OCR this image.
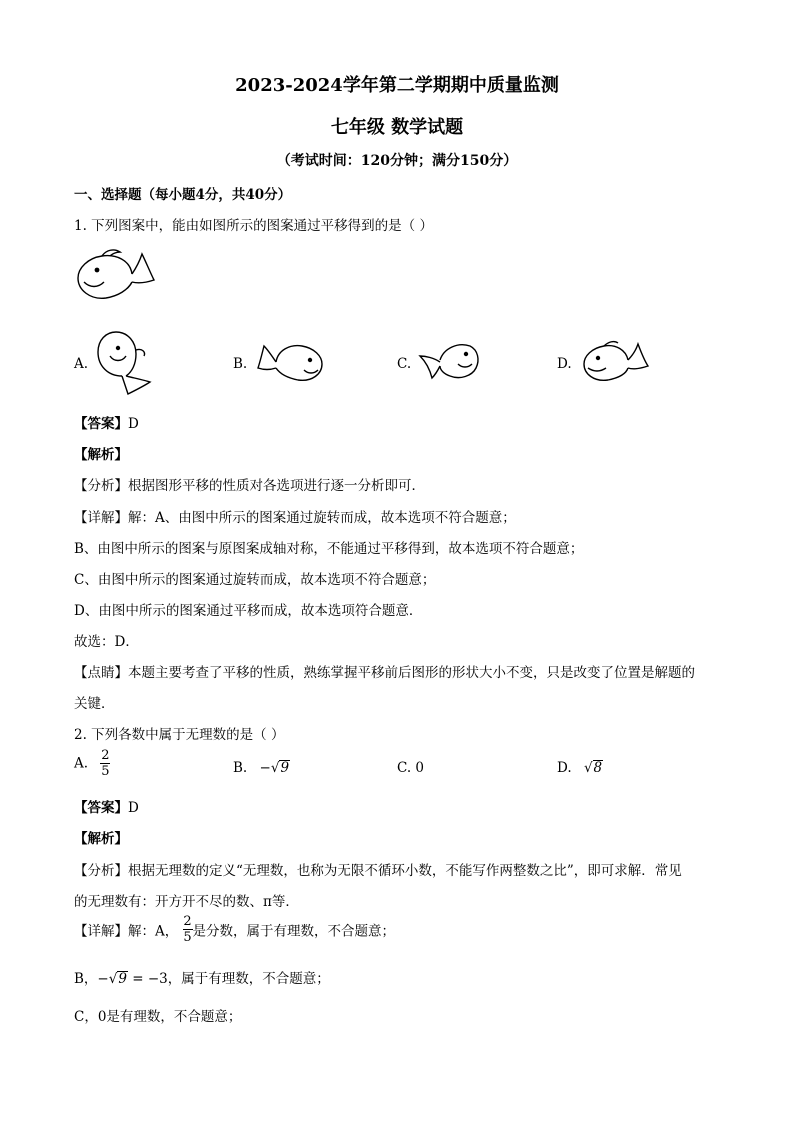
2023-2024学年第二学期期中质量监测
七年级 数学试题
（考试时间：120分钟；满分150分）
一、选择题（每小题4分，共40分）
1. 下列图案中，能由如图所示的图案通过平移得到的是（ ）
A.	B.	C.	D.
【答案】D
【解析】
【分析】根据图形平移的性质对各选项进行逐一分析即可．
【详解】解：A、由图中所示的图案通过旋转而成，故本选项不符合题意；
B、由图中所示的图案与原图案成轴对称，不能通过平移得到，故本选项不符合题意；
C、由图中所示的图案通过旋转而成，故本选项不符合题意；
D、由图中所示的图案通过平移而成，故本选项符合题意．
故选：D．
【点睛】本题主要考查了平移的性质，熟练掌握平移前后图形的形状大小不变，只是改变了位置是解题的
关键．
2. 下列各数中属于无理数的是（ ）
A. $\frac{2}{5}$	B. −√9	C. 0	D. √8
【答案】D
【解析】
【分析】根据无理数的定义“无理数，也称为无限不循环小数，不能写作两整数之比”，即可求解．常见
的无理数有：开方开不尽的数、π等．
【详解】解：A， $\frac{2}{5}$ 是分数，属于有理数，不合题意；
B，−√9 = −3，属于有理数，不合题意；
C，0是有理数，不合题意；
